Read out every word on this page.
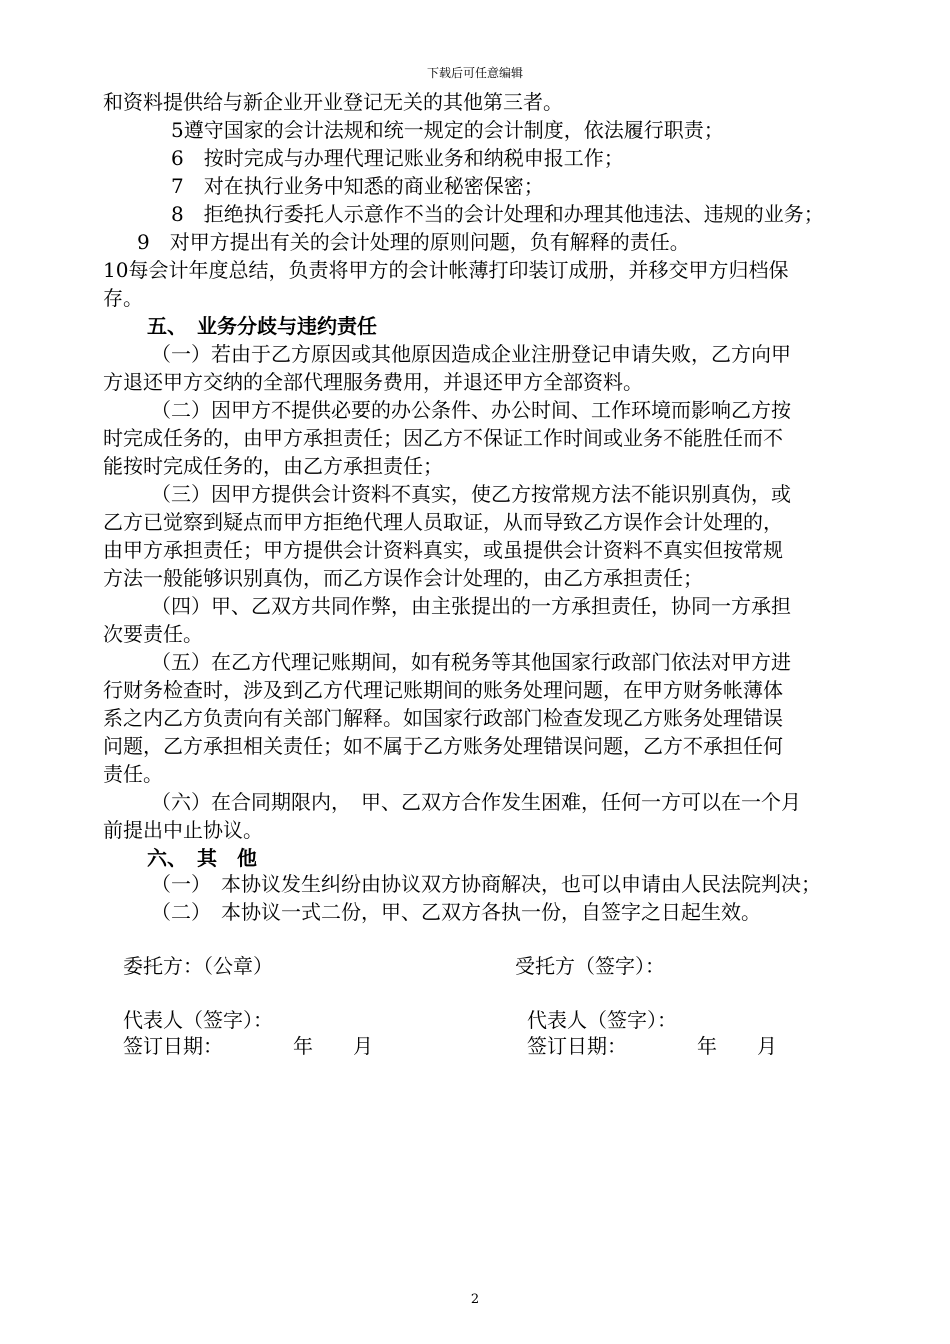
下载后可任意编辑
和资料提供给与新企业开业登记无关的其他第三者。
5遵守国家的会计法规和统一规定的会计制度，依法履行职责；
6　按时完成与办理代理记账业务和纳税申报工作；
7　对在执行业务中知悉的商业秘密保密；
8　拒绝执行委托人示意作不当的会计处理和办理其他违法、违规的业务；
9　对甲方提出有关的会计处理的原则问题，负有解释的责任。
10每会计年度总结，负责将甲方的会计帐薄打印装订成册，并移交甲方归档保
存。
五、　业务分歧与违约责任
（一）若由于乙方原因或其他原因造成企业注册登记申请失败，乙方向甲
方退还甲方交纳的全部代理服务费用，并退还甲方全部资料。
（二）因甲方不提供必要的办公条件、办公时间、工作环境而影响乙方按
时完成任务的，由甲方承担责任；因乙方不保证工作时间或业务不能胜任而不
能按时完成任务的，由乙方承担责任；
（三）因甲方提供会计资料不真实，使乙方按常规方法不能识别真伪，或
乙方已觉察到疑点而甲方拒绝代理人员取证，从而导致乙方误作会计处理的，
由甲方承担责任；甲方提供会计资料真实，或虽提供会计资料不真实但按常规
方法一般能够识别真伪，而乙方误作会计处理的，由乙方承担责任；
（四）甲、乙双方共同作弊，由主张提出的一方承担责任，协同一方承担
次要责任。
（五）在乙方代理记账期间，如有税务等其他国家行政部门依法对甲方进
行财务检查时，涉及到乙方代理记账期间的账务处理问题，在甲方财务帐薄体
系之内乙方负责向有关部门解释。如国家行政部门检查发现乙方账务处理错误
问题，乙方承担相关责任；如不属于乙方账务处理错误问题，乙方不承担任何
责任。
（六）在合同期限内，　甲、乙双方合作发生困难，任何一方可以在一个月
前提出中止协议。
六、　其　他
（一）　本协议发生纠纷由协议双方协商解决，也可以申请由人民法院判决；
（二）　本协议一式二份，甲、乙双方各执一份，自签字之日起生效。
委托方：（公章）	受托方（签字）：
代表人（签字）：	代表人（签字）：
签订日期：　　　　年　　月	签订日期：　　　　年　　月
2
